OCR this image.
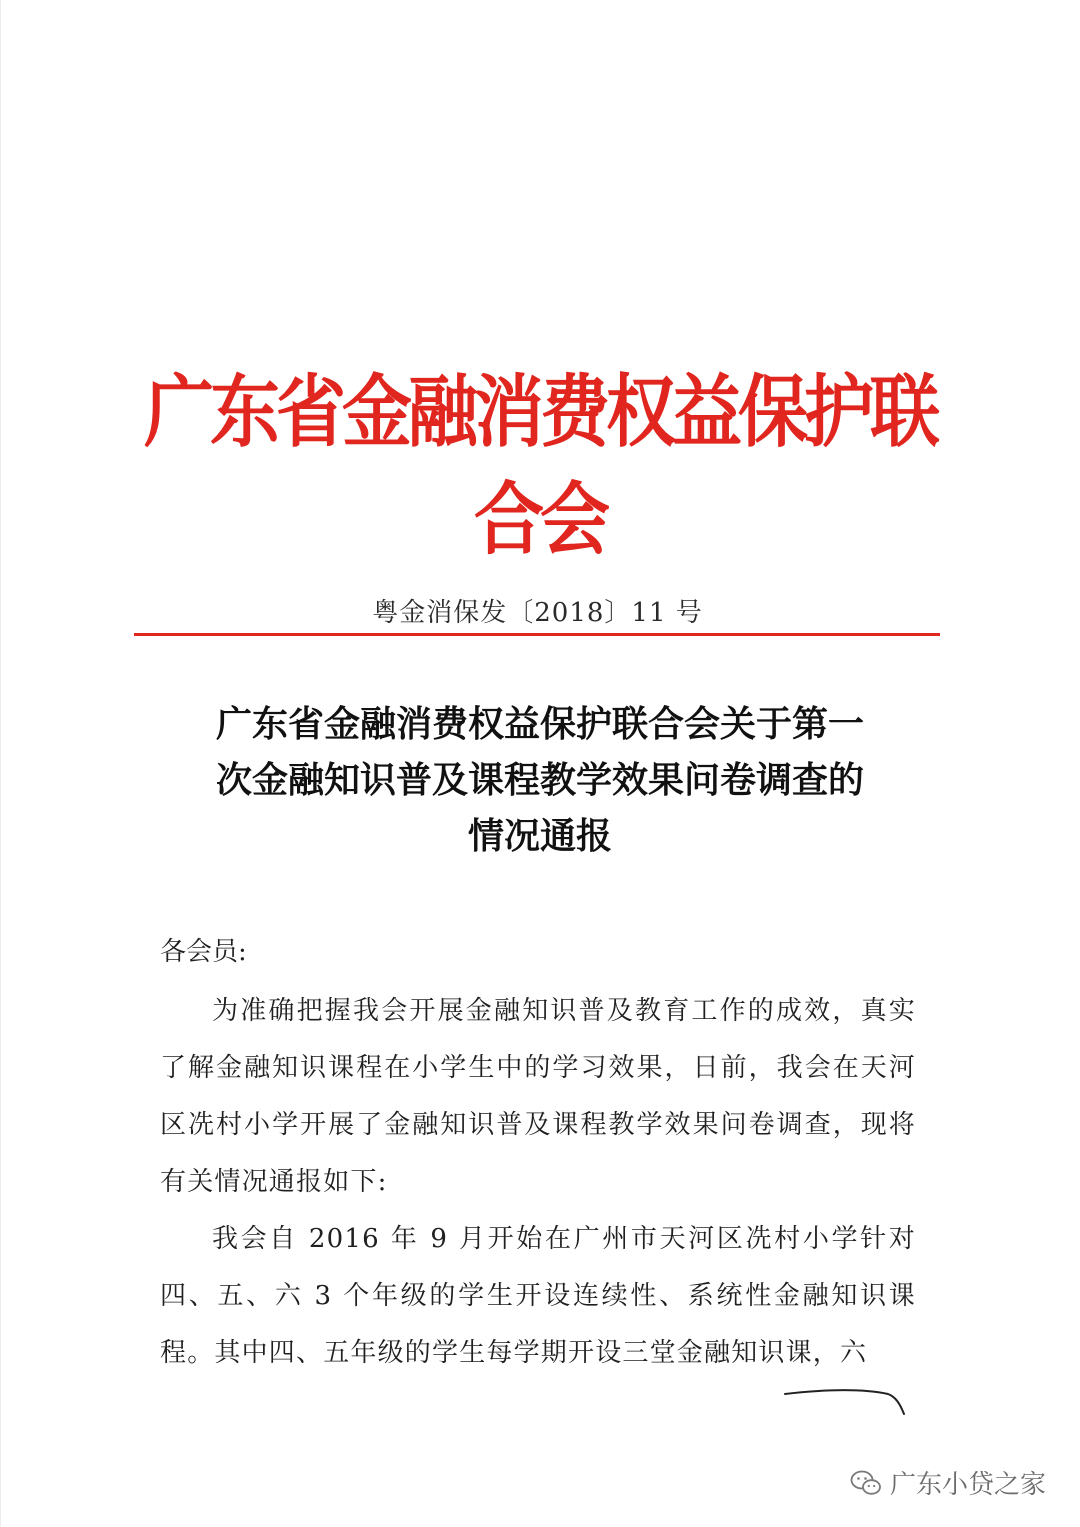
广东省金融消费权益保护联合会
粤金消保发〔2018〕11 号
广东省金融消费权益保护联合会关于第一
次金融知识普及课程教学效果问卷调查的
情况通报
各会员:

为准确把握我会开展金融知识普及教育工作的成效，真实了解金融知识课程在小学生中的学习效果，日前，我会在天河区冼村小学开展了金融知识普及课程教学效果问卷调查，现将有关情况通报如下:

我会自 2016 年 9 月开始在广州市天河区冼村小学针对四、五、六 3 个年级的学生开设连续性、系统性金融知识课程。其中四、五年级的学生每学期开设三堂金融知识课，六

广东小贷之家
